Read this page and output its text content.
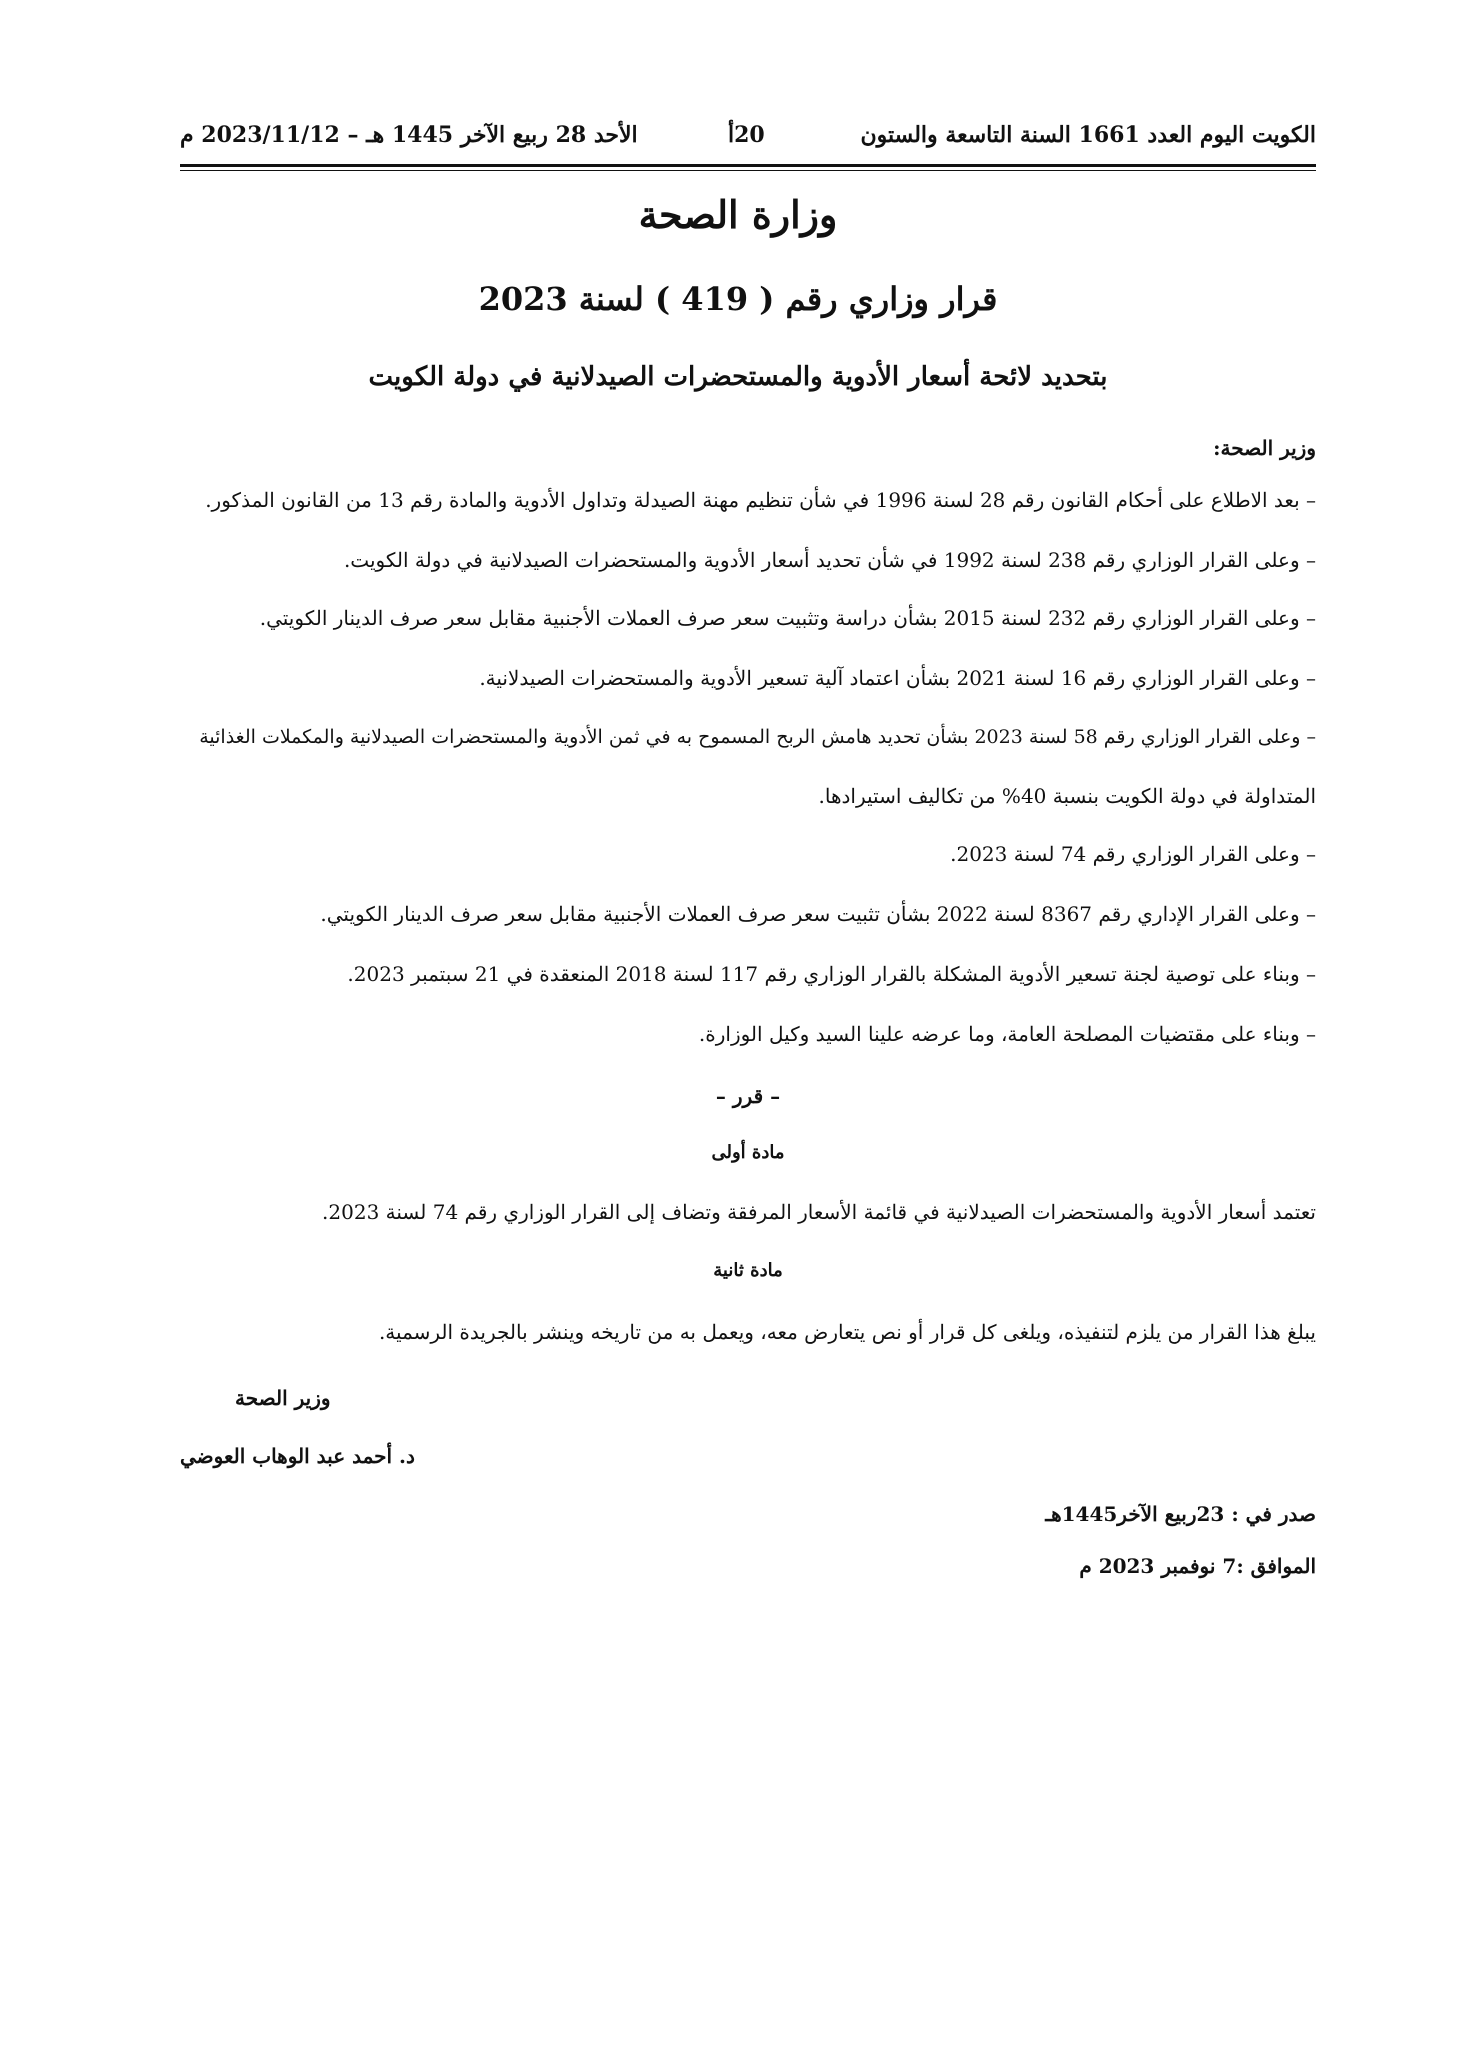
الكويت اليوم العدد 1661 السنة التاسعة والستون
20أ
الأحد 28 ربيع الآخر 1445 هـ – 2023/11/12 م
وزارة الصحة
قرار وزاري رقم ( 419 ) لسنة 2023
بتحديد لائحة أسعار الأدوية والمستحضرات الصيدلانية في دولة الكويت
وزير الصحة:
– بعد الاطلاع على أحكام القانون رقم 28 لسنة 1996 في شأن تنظيم مهنة الصيدلة وتداول الأدوية والمادة رقم 13 من القانون المذكور.
– وعلى القرار الوزاري رقم 238 لسنة 1992 في شأن تحديد أسعار الأدوية والمستحضرات الصيدلانية في دولة الكويت.
– وعلى القرار الوزاري رقم 232 لسنة 2015 بشأن دراسة وتثبيت سعر صرف العملات الأجنبية مقابل سعر صرف الدينار الكويتي.
– وعلى القرار الوزاري رقم 16 لسنة 2021 بشأن اعتماد آلية تسعير الأدوية والمستحضرات الصيدلانية.
– وعلى القرار الوزاري رقم 58 لسنة 2023 بشأن تحديد هامش الربح المسموح به في ثمن الأدوية والمستحضرات الصيدلانية والمكملات الغذائية
المتداولة في دولة الكويت بنسبة 40% من تكاليف استيرادها.
– وعلى القرار الوزاري رقم 74 لسنة 2023.
– وعلى القرار الإداري رقم 8367 لسنة 2022 بشأن تثبيت سعر صرف العملات الأجنبية مقابل سعر صرف الدينار الكويتي.
– وبناء على توصية لجنة تسعير الأدوية المشكلة بالقرار الوزاري رقم 117 لسنة 2018 المنعقدة في 21 سبتمبر 2023.
– وبناء على مقتضيات المصلحة العامة، وما عرضه علينا السيد وكيل الوزارة.
– قرر –
مادة أولى
تعتمد أسعار الأدوية والمستحضرات الصيدلانية في قائمة الأسعار المرفقة وتضاف إلى القرار الوزاري رقم 74 لسنة 2023.
مادة ثانية
يبلغ هذا القرار من يلزم لتنفيذه، ويلغى كل قرار أو نص يتعارض معه، ويعمل به من تاريخه وينشر بالجريدة الرسمية.
وزير الصحة
د. أحمد عبد الوهاب العوضي
صدر في : 23ربيع الآخر1445هـ
الموافق :7 نوفمبر 2023 م
